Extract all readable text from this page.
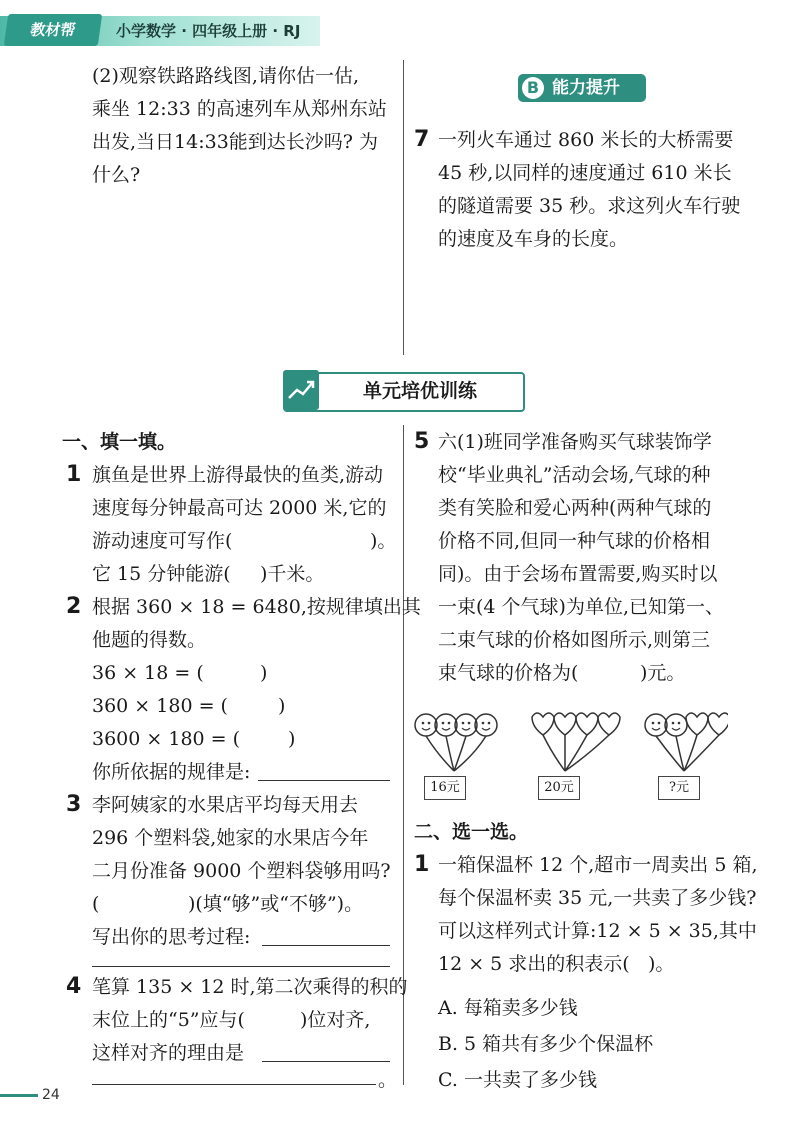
教材帮	小学数学 · 四年级上册 · RJ
(2)观察铁路路线图,请你估一估,
乘坐 12:33 的高速列车从郑州东站
出发,当日14:33能到达长沙吗? 为
什么?
B 能力提升
7 一列火车通过 860 米长的大桥需要
45 秒,以同样的速度通过 610 米长
的隧道需要 35 秒。求这列火车行驶
的速度及车身的长度。
单元培优训练
一、填一填。
1 旗鱼是世界上游得最快的鱼类,游动
速度每分钟最高可达 2000 米,它的
游动速度可写作(	)。
它 15 分钟能游( )千米。
2 根据 360 × 18 = 6480,按规律填出其
他题的得数。
36 × 18 = (	)
360 × 180 = (	)
3600 × 180 = (	)
你所依据的规律是:
3 李阿姨家的水果店平均每天用去
296 个塑料袋,她家的水果店今年
二月份准备 9000 个塑料袋够用吗?
(	)(填“够”或“不够”)。
写出你的思考过程:
4 笔算 135 × 12 时,第二次乘得的积的
末位上的“5”应与(	)位对齐,
这样对齐的理由是
。
5 六(1)班同学准备购买气球装饰学
校“毕业典礼”活动会场,气球的种
类有笑脸和爱心两种(两种气球的
价格不同,但同一种气球的价格相
同)。由于会场布置需要,购买时以
一束(4 个气球)为单位,已知第一、
二束气球的价格如图所示,则第三
束气球的价格为(	)元。
16元	20元	?元
二、选一选。
1 一箱保温杯 12 个,超市一周卖出 5 箱,
每个保温杯卖 35 元,一共卖了多少钱?
可以这样列式计算:12 × 5 × 35,其中
12 × 5 求出的积表示( )。
A. 每箱卖多少钱
B. 5 箱共有多少个保温杯
C. 一共卖了多少钱
24
